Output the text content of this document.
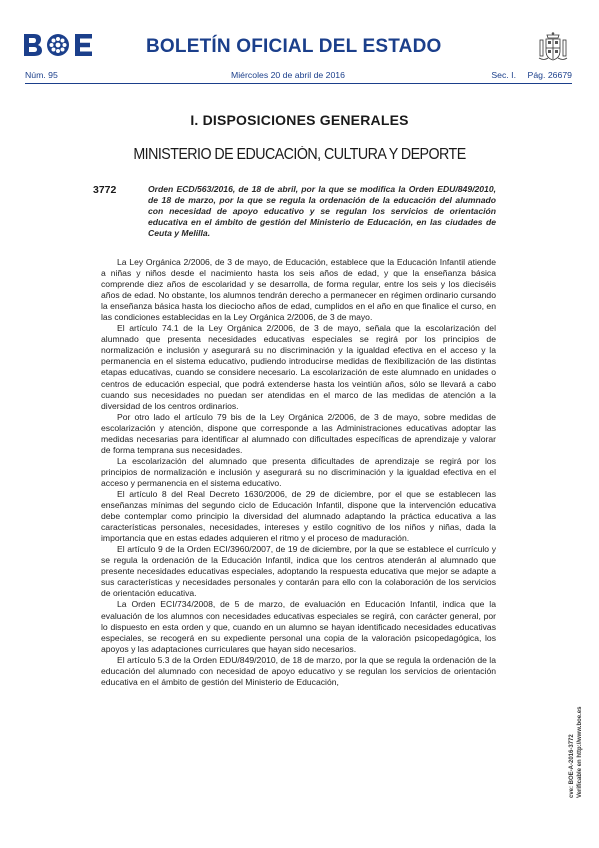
BOLETÍN OFICIAL DEL ESTADO
Núm. 95	Miércoles 20 de abril de 2016	Sec. I. Pág. 26679
I. DISPOSICIONES GENERALES
MINISTERIO DE EDUCACIÓN, CULTURA Y DEPORTE
3772	Orden ECD/563/2016, de 18 de abril, por la que se modifica la Orden EDU/849/2010, de 18 de marzo, por la que se regula la ordenación de la educación del alumnado con necesidad de apoyo educativo y se regulan los servicios de orientación educativa en el ámbito de gestión del Ministerio de Educación, en las ciudades de Ceuta y Melilla.

La Ley Orgánica 2/2006, de 3 de mayo, de Educación, establece que la Educación Infantil atiende a niñas y niños desde el nacimiento hasta los seis años de edad, y que la enseñanza básica comprende diez años de escolaridad y se desarrolla, de forma regular, entre los seis y los dieciséis años de edad. No obstante, los alumnos tendrán derecho a permanecer en régimen ordinario cursando la enseñanza básica hasta los dieciocho años de edad, cumplidos en el año en que finalice el curso, en las condiciones establecidas en la Ley Orgánica 2/2006, de 3 de mayo.

El artículo 74.1 de la Ley Orgánica 2/2006, de 3 de mayo, señala que la escolarización del alumnado que presenta necesidades educativas especiales se regirá por los principios de normalización e inclusión y asegurará su no discriminación y la igualdad efectiva en el acceso y la permanencia en el sistema educativo, pudiendo introducirse medidas de flexibilización de las distintas etapas educativas, cuando se considere necesario. La escolarización de este alumnado en unidades o centros de educación especial, que podrá extenderse hasta los veintiún años, sólo se llevará a cabo cuando sus necesidades no puedan ser atendidas en el marco de las medidas de atención a la diversidad de los centros ordinarios.

Por otro lado el artículo 79 bis de la Ley Orgánica 2/2006, de 3 de mayo, sobre medidas de escolarización y atención, dispone que corresponde a las Administraciones educativas adoptar las medidas necesarias para identificar al alumnado con dificultades específicas de aprendizaje y valorar de forma temprana sus necesidades.

La escolarización del alumnado que presenta dificultades de aprendizaje se regirá por los principios de normalización e inclusión y asegurará su no discriminación y la igualdad efectiva en el acceso y permanencia en el sistema educativo.

El artículo 8 del Real Decreto 1630/2006, de 29 de diciembre, por el que se establecen las enseñanzas mínimas del segundo ciclo de Educación Infantil, dispone que la intervención educativa debe contemplar como principio la diversidad del alumnado adaptando la práctica educativa a las características personales, necesidades, intereses y estilo cognitivo de los niños y niñas, dada la importancia que en estas edades adquieren el ritmo y el proceso de maduración.

El artículo 9 de la Orden ECI/3960/2007, de 19 de diciembre, por la que se establece el currículo y se regula la ordenación de la Educación Infantil, indica que los centros atenderán al alumnado que presente necesidades educativas especiales, adoptando la respuesta educativa que mejor se adapte a sus características y necesidades personales y contarán para ello con la colaboración de los servicios de orientación educativa.

La Orden ECI/734/2008, de 5 de marzo, de evaluación en Educación Infantil, indica que la evaluación de los alumnos con necesidades educativas especiales se regirá, con carácter general, por lo dispuesto en esta orden y que, cuando en un alumno se hayan identificado necesidades educativas especiales, se recogerá en su expediente personal una copia de la valoración psicopedagógica, los apoyos y las adaptaciones curriculares que hayan sido necesarios.

El artículo 5.3 de la Orden EDU/849/2010, de 18 de marzo, por la que se regula la ordenación de la educación del alumnado con necesidad de apoyo educativo y se regulan los servicios de orientación educativa en el ámbito de gestión del Ministerio de Educación,

cve: BOE-A-2016-3772 Verificable en http://www.boe.es
